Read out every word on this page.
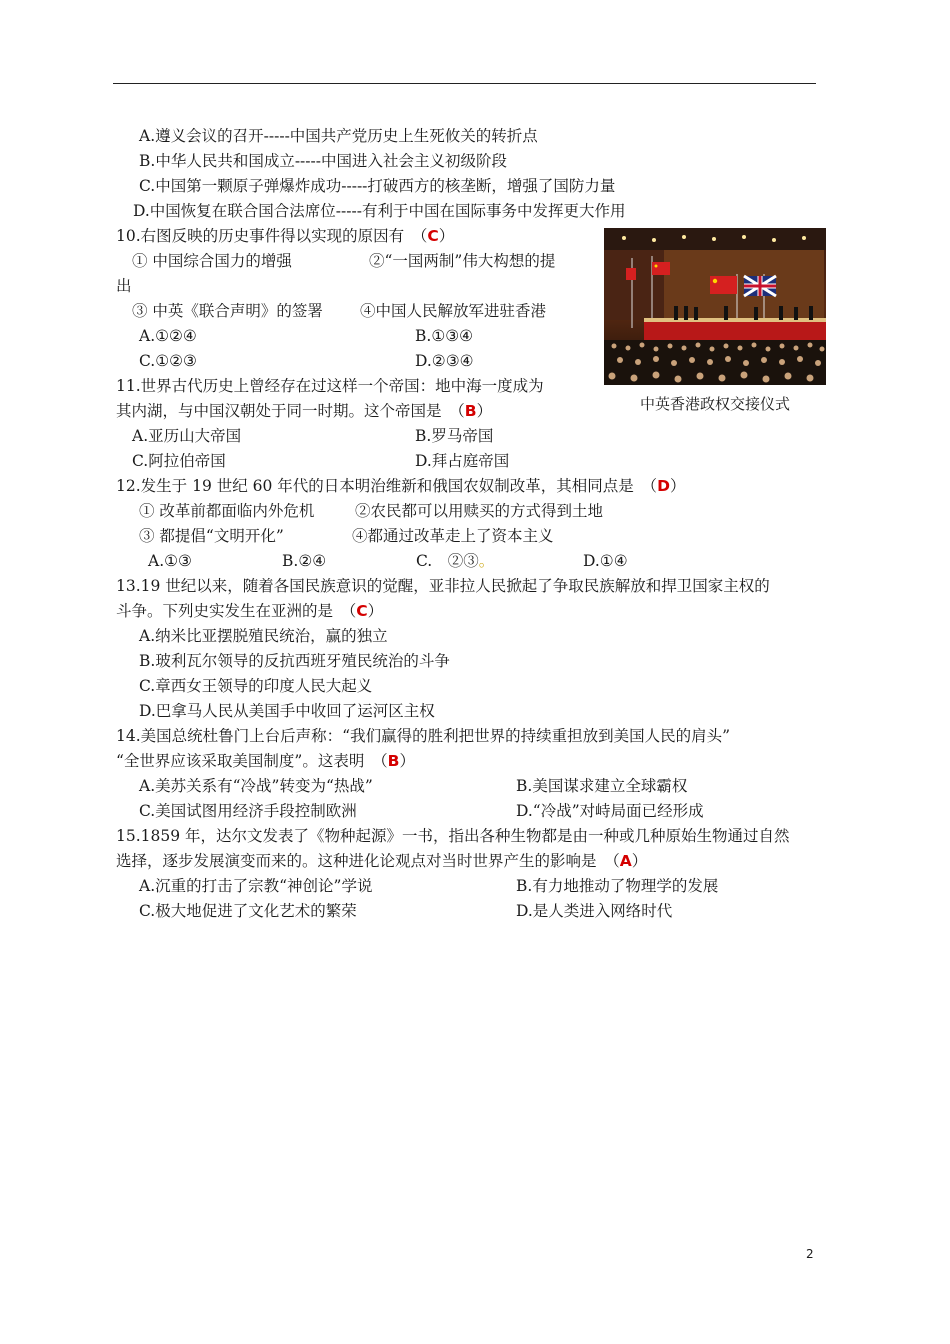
A.遵义会议的召开-----中国共产党历史上生死攸关的转折点
B.中华人民共和国成立-----中国进入社会主义初级阶段
C.中国第一颗原子弹爆炸成功-----打破西方的核垄断，增强了国防力量
D.中国恢复在联合国合法席位-----有利于中国在国际事务中发挥更大作用
10.右图反映的历史事件得以实现的原因有　（C）
① 中国综合国力的增强	②“一国两制”伟大构想的提
出
③ 中英《联合声明》的签署 ④中国人民解放军进驻香港
A.①②④	B.①③④
C.①②③	D.②③④
中英香港政权交接仪式
11.世界古代历史上曾经存在过这样一个帝国：地中海一度成为
其内湖，与中国汉朝处于同一时期。这个帝国是　（B）
A.亚历山大帝国	B.罗马帝国
C.阿拉伯帝国	D.拜占庭帝国
12.发生于 19 世纪 60 年代的日本明治维新和俄国农奴制改革，其相同点是　（D）
① 改革前都面临内外危机	②农民都可以用赎买的方式得到土地
③ 都提倡“文明开化”	④都通过改革走上了资本主义
A.①③	B.②④	C.　②③。	D.①④
13.19 世纪以来，随着各国民族意识的觉醒，亚非拉人民掀起了争取民族解放和捍卫国家主权的
斗争。下列史实发生在亚洲的是　（C）
A.纳米比亚摆脱殖民统治，赢的独立
B.玻利瓦尔领导的反抗西班牙殖民统治的斗争
C.章西女王领导的印度人民大起义
D.巴拿马人民从美国手中收回了运河区主权
14.美国总统杜鲁门上台后声称：“我们赢得的胜利把世界的持续重担放到美国人民的肩头”
“全世界应该采取美国制度”。这表明　（B）
A.美苏关系有“冷战”转变为“热战”	B.美国谋求建立全球霸权
C.美国试图用经济手段控制欧洲	D.“冷战”对峙局面已经形成
15.1859 年，达尔文发表了《物种起源》一书，指出各种生物都是由一种或几种原始生物通过自然
选择，逐步发展演变而来的。这种进化论观点对当时世界产生的影响是　（A）
A.沉重的打击了宗教“神创论”学说	B.有力地推动了物理学的发展
C.极大地促进了文化艺术的繁荣	D.是人类进入网络时代
2
